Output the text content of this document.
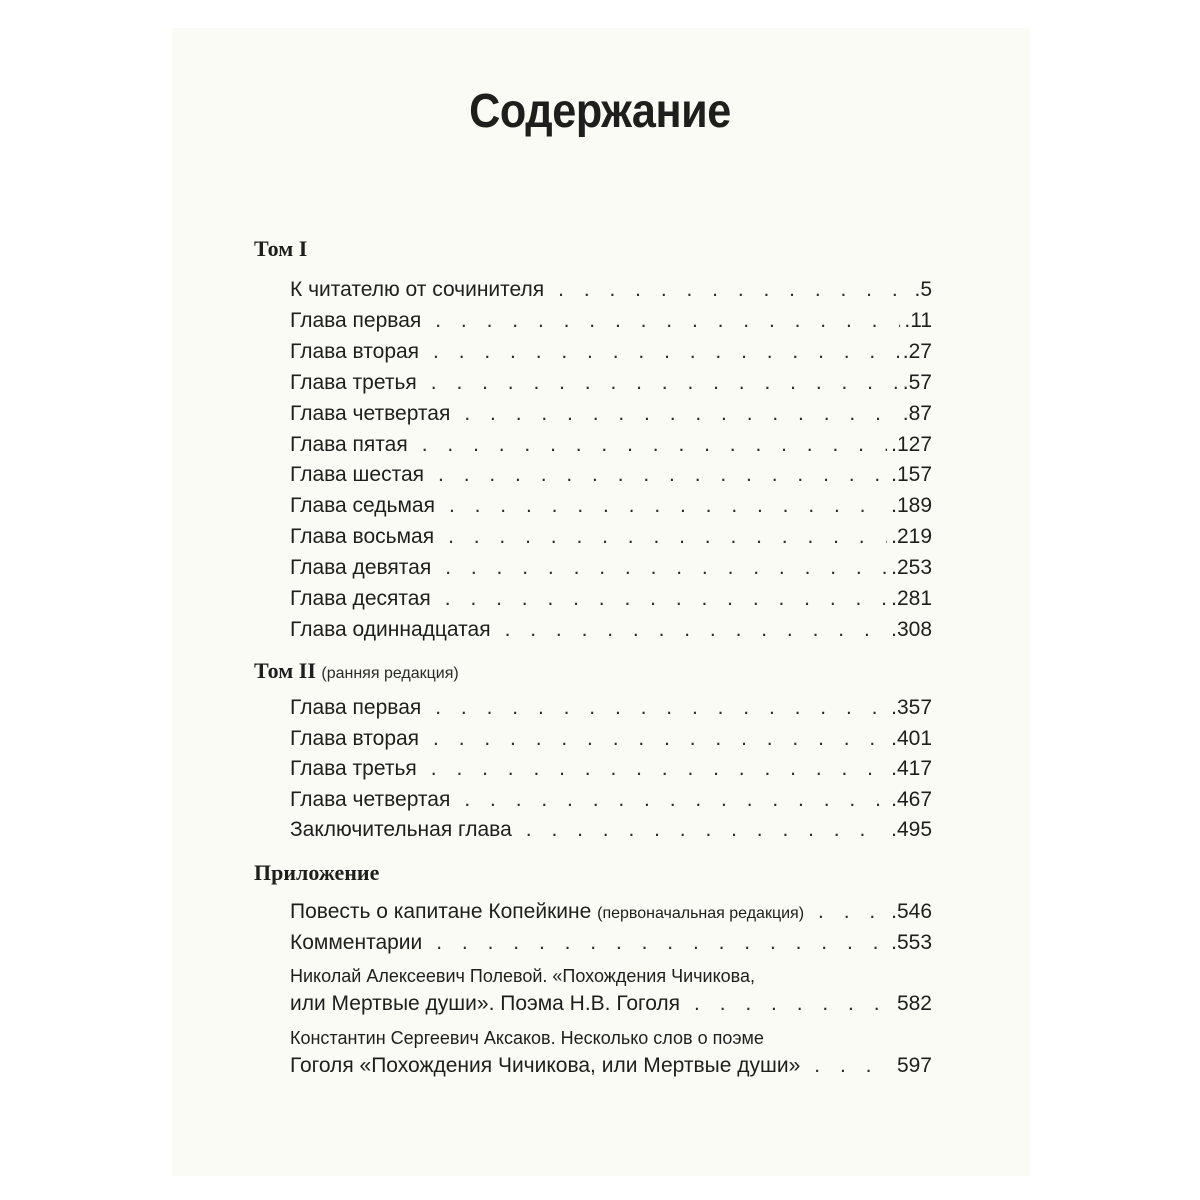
Содержание
Том I
К читателю от сочинителя . . .	.5
Глава первая . . .	.11
Глава вторая . . .	.27
Глава третья . . .	.57
Глава четвертая . . .	.87
Глава пятая . . .	.127
Глава шестая . . .	.157
Глава седьмая . . .	.189
Глава восьмая . . .	.219
Глава девятая . . .	.253
Глава десятая . . .	.281
Глава одиннадцатая . . .	.308
Том II (ранняя редакция)
Глава первая . . .	.357
Глава вторая . . .	.401
Глава третья . . .	.417
Глава четвертая . . .	.467
Заключительная глава . . .	.495
Приложение
Повесть о капитане Копейкине (первоначальная редакция) . . .	.546
Комментарии . . .	.553
Николай Алексеевич Полевой. «Похождения Чичикова,
или Мертвые души». Поэма Н.В. Гоголя . . .	582
Константин Сергеевич Аксаков. Несколько слов о поэме
Гоголя «Похождения Чичикова, или Мертвые души» . . .	597
